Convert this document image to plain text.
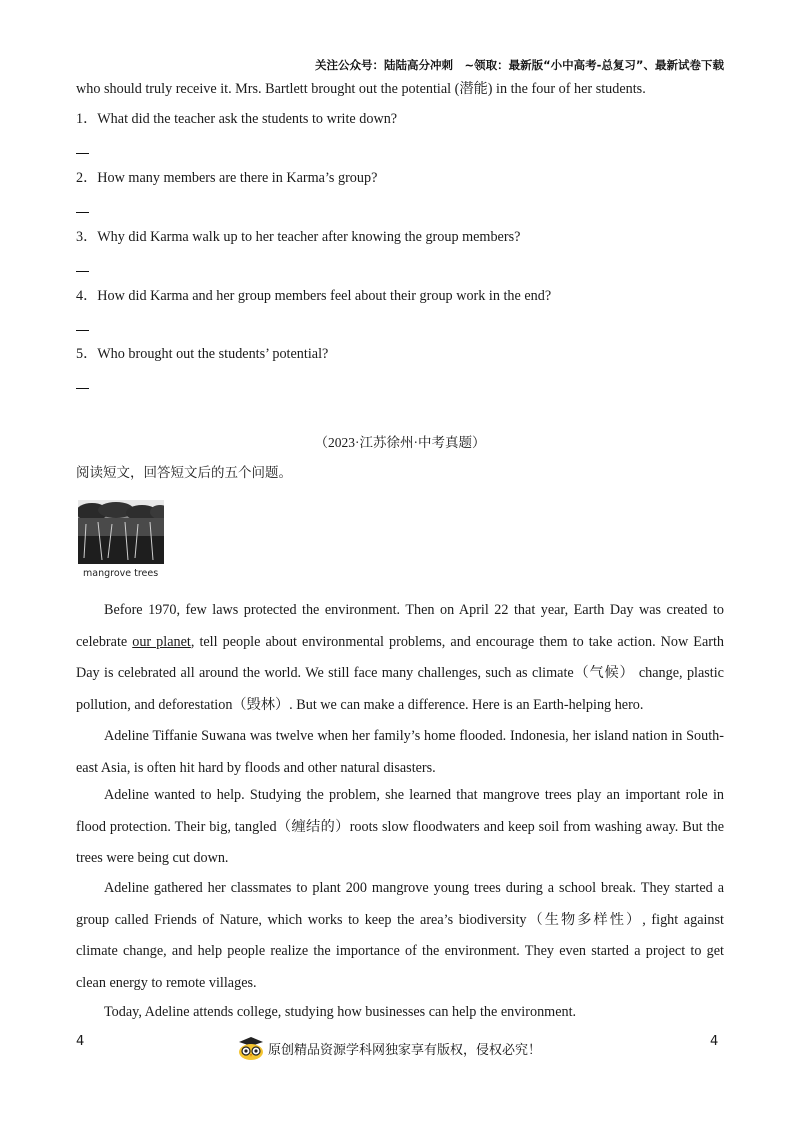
关注公众号：陆陆高分冲刺　~领取：最新版“小中高考-总复习”、最新试卷下载
who should truly receive it. Mrs. Bartlett brought out the potential (潜能) in the four of her students.
1．What did the teacher ask the students to write down?
2．How many members are there in Karma’s group?
3．Why did Karma walk up to her teacher after knowing the group members?
4．How did Karma and her group members feel about their group work in the end?
5．Who brought out the students’ potential?
（2023·江苏徐州·中考真题）
阅读短文，回答短文后的五个问题。
mangrove trees

Before 1970, few laws protected the environment. Then on April 22 that year, Earth Day was created to celebrate our planet, tell people about environmental problems, and encourage them to take action. Now Earth Day is celebrated all around the world. We still face many challenges, such as climate（气候） change, plastic pollution, and deforestation（毁林）. But we can make a difference. Here is an Earth-helping hero.

Adeline Tiffanie Suwana was twelve when her family’s home flooded. Indonesia, her island nation in South-east Asia, is often hit hard by floods and other natural disasters.

Adeline wanted to help. Studying the problem, she learned that mangrove trees play an important role in flood protection. Their big, tangled（缠结的）roots slow floodwaters and keep soil from washing away. But the trees were being cut down.

Adeline gathered her classmates to plant 200 mangrove young trees during a school break. They started a group called Friends of Nature, which works to keep the area’s biodiversity（生物多样性）, fight against climate change, and help people realize the importance of the environment. They even started a project to get clean energy to remote villages.

Today, Adeline attends college, studying how businesses can help the environment.

4	4
原创精品资源学科网独家享有版权，侵权必究！
